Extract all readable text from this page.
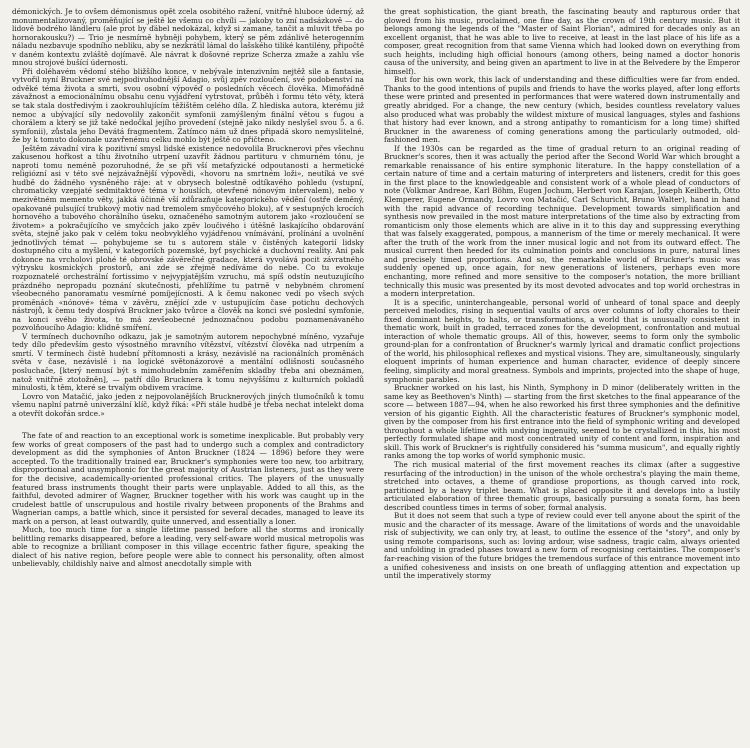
démonických. Je to ovšem démonismus opět zcela osobitého ražení, vnitřně hluboce úderný, až monumentalizovaný, proměňující se ještě ke všemu co chvíli — jakoby to zní nadsázkově — do lidově bodrého ländleru (ale prot by ďábel nedokázal, když si zamane, tančit a mluvit třeba po hornorakousku?) — Trio je nesmírně hybněji pohybem, který se pěm zdánlivě heterogenním náladu nezbavuje spodního nebliku, aby se nezkrátil lámal do lašského tiliké kantilény, připočtě v daném kontextu zvláště dojímavě. Ale návrat k ďošovné reprize Scherza zmaže a zahlu vše mnou strojové bušící údernosti.

Při doléhavém vědomí stého bližšího konce, v nebývale intenzivním nejtěž sile a fantasie, vytvořil nyní Bruckner své nejpodivuhodnější Adagio, svůj zpěv rozloučení, své podobenství na odvěké téma života a smrti, svou osobní výpověď o posledních věcech člověka. Mimořádně závažnost a emocionálnímu obsahu cenu vyjádření vytrstovat, průběh i formu této věty, která se tak stala dostředivým i zaokrouhlujícím těžištěm celého díla. Z hlediska autora, kterému již nemoc a ubývající síly nedovolily zakončit symfonii zamýšleným finální větou s fugou a chorálem a který se již také nedočkal jejího provedení (stejně jako nikdy neslyšel svou 5. a 6. symfonii), zůstala jeho Devátá fragmentem. Zatímco nám už dnes připadá skoro nemyslitelné, že by k tomuto dokonale uzavřenému celku mohlo být ještě co přičteno.

Ještěm závadní vira k pozitivní smysl lidské existence nedovolila Brucknerovi přes všechnu zakusenou hořkost a tíhu životního utrpení uzavřít žádnou partituru v chmurném tónu, je naproti tomu neméně pozoruhodné, že se při vší metafyzické odpoutanosti a hermetické religiózní asi v této své nejzávažnější výpovědi, «hovoru na smrtném loži», neutíká ve své hudbě do žádného vysněného ráje: at v obrysech bolestně odtíkavého pohledu (vstupní, chromaticky vzepjaté sedmitaktové téma v houslích, otevřené nónovým intervalem), nebo v mezivětném memento věty, jakká účinně vší zdůrazňuje kategorického vědění (ostře deměný, opakované pulsující trubkový motiv nad tremolem smyčcového bloku), ať v sestupných krocích hornového a tubového chorálního úseku, označeného samotným autorem jako «rozloučení se životem» a pokračujícího ve smyčcích jako zpěv loučivého i útěšně laskajícího obdarování světa, stejně jako pak v celém toku neobvyklého vyjádřenou vnímávání, prolínání a uvolnění jednotlivých témat — pohybujeme se tu s autorem stále v čistěných kategorií lidsky dostupného citu a myšlení, v kategoriích pozemské, byť psychické a duchovní reality. Ani pak dokonce na vrcholovi plohé té obrovské závěrečné gradace, která vyvolává pocit závratného výtrysku kosmických prostorů, ani zde se zřejmě nedívámе do nebe. Co tu evokuje rozpoznatelé orchestrální fortissimo v nejvypjatějším vzruchu, má spíš odstín neutuzujícího prázdného nepropadu poznání skutečnosti, přehlížíme tu patrně v nebybném chromení všeobecného panoramatu vesmírné pomíjejícnosti. A k čemu nakonec vedi po všech svých proměnách «nónové» téma v závěru, znějící zde v ustupujícím čase potichu dechových nástrojů, k čemu tedy dospívá Bruckner jako tvůrce a člověk na konci své poslední symfonie, na konci svého života, to má zevšeobecné jednoznačnou podobu poznamenávaného pozvolňoucího Adagio: klidně smíření.

V termínech duchovního odkazu, jak je samotným autorem nepochybné míněno, vyzařuje tedy dílo především gesto výsostného mravního vítězství, vítězství člověka nad utrpením a smrtí. V termínech čistě hudební přítomnosti a krásy, nezávislé na racionálních proměnách světa v čase, nezávislé i na logické světonázorové a mentální odlišnosti současného posluchače, [který nemusí být s mimohudebním zaměřením skladby třeba ani obeznámen, natož vnitřně ztotožněn], — patří dílo Brucknera k tomu nejvyššímu z kulturních pokladů minulosti, k těm, které se trvalým obdivem vracíme.

Lovro von Matačić, jako jeden z nejpovolanějších Brucknerových jiných tlumočníků k tomu všemu naplní patrně univerzální klíč, když říká: «Při stále hudbě je třeba nechat intelekt doma a otevřít dokořán srdce.»

The fate of and reaction to an exceptional work is sometime inexplicable. But probably very few works of great composers of the past had to undergo such a complex and contradictory development as did the symphonies of Anton Bruckner (1824 — 1896) before they were accepted. To the traditionally trained ear, Bruckner's symphonies were too new, too arbitrary, disproportional and unsymphonic for the great majority of Austrian listeners, just as they were for the decisive, academically-oriented professional critics. The players of the unusually featured brass instruments thought their parts were unplayable. Added to all this, as the faithful, devoted admirer of Wagner, Bruckner together with his work was caught up in the crudelest battle of unscrupulous and hostile rivalry between proponents of the Brahms and Wagnerian camps, a battle which, since it persisted for several decades, managed to leave its mark on a person, at least outwardly, quite unnerved, and essentially a loner.

Much, too much time for a single lifetime passed before all the storms and ironically belittling remarks disappeared, before a leading, very self-aware world musical metropolis was able to recognize a brilliant composer in this village eccentric father figure, speaking the dialect of his native region, before people were able to connect his personality, often almost unbelievably, childishly naive and almost anecdotally simple with

the great sophistication, the giant breath, the fascinating beauty and rapturous order that glowed from his music, proclaimed, one fine day, as the crown of 19th century music. But it belongs among the legends of the "Master of Saint Florian", admired for decades only as an excellent organist, that he was able to live to receive, at least in the last place of his life as a composer, great recognition from that same Vienna which had looked down on everything from such heights, including high official honours (among others, being named a doctor honoris causa of the university, and being given an apartment to live in at the Belvedere by the Emperor himself).

But for his own work, this lack of understanding and these difficulties were far from ended. Thanks to the good intentions of pupils and friends to have the works played, after long efforts these were printed and presented in performances that were watered down instrumentally and greatly abridged. For a change, the new century (which, besides countless revelatory values also produced what was probably the wildest mixture of musical languages, styles and fashions that history had ever known, and a strong antipathy to romanticism for a long time) shifted Bruckner in the awareness of coming generations among the particularly outmoded, old-fashioned men.

If the 1930s can be regarded as the time of gradual return to an original reading of Bruckner's scores, then it was actually the period after the Second World War which brought a remarkable renaissance of his entire symphonic literature. In the happy constellation of a certain nature of time and a certain maturing of interpreters and listeners, credit for this goes in the first place to the knowledgeable and consistent work of a whole plead of conductors of note (Volkmar Andreae, Karl Böhm, Eugen Jochum, Herbert von Karajan, Joseph Keilberth, Otto Klemperer, Eugene Ormandy, Lovro von Matačić, Carl Schuricht, Bruno Walter), hand in hand with the rapid advance of recording technique. Development towards simplification and synthesis now prevailed in the most mature interpretations of the time also by extracting from romanticism only those elements which are alive in it to this day and suppressing everything that was falsely exaggerated, pompous, a mannerism of the time or merely mechanical. It were after the truth of the work from the inner musical logic and not from its outward effect. The musical current then heeded for its culmination points and conclusions in pure, natural lines and precisely timed proportions. And so, the remarkable world of Bruckner's music was suddenly opened up, once again, for new generations of listeners, perhaps even more enchanting, more refined and more sensitive to the composer's notation, the more brilliant technically this music was presented by its most devoted advocates and top world orchestras in a modern interpretation.

It is a specific, uninterchangeable, personal world of unheard of tonal space and deeply perceived melodics, rising in sequential vaults of arcs over columns of lofty chorales to their fixed dominant heights, to halts, or transformations, a world that is unusually consistent in thematic work, built in graded, terraced zones for the development, confrontation and mutual interaction of whole thematic groups. All of this, however, seems to form only the symbolic ground-plan for a confrontation of Bruckner's warmly lyrical and dramatic conflict projections of the world, his philosophical reflexes and mystical visions. They are, simultaneously, singularly eloquent imprints of human experience and human character, evidence of deeply sincere feeling, simplicity and moral greatness. Symbols and imprints, projected into the shape of huge, symphonic parables.

Bruckner worked on his last, his Ninth, Symphony in D minor (deliberately written in the same key as Beethoven's Ninth) — starting from the first sketches to the final appearance of the score — between 1887—94, when he also reworked his first three symphonies and the definitive version of his gigantic Eighth. All the characteristic features of Bruckner's symphonic model, given by the composer from his first entrance into the field of symphonic writing and developed throughout a whole lifetime with undying ingenuity, seemed to be crystallized in this, his most perfectly formulated shape and most concentrated unity of content and form, inspiration and skill. This work of Bruckner's is rightfully considered his "summa musicum", and equally rightly ranks among the top works of world symphonic music.

The rich musical material of the first movement reaches its climax (after a suggestive resurfacing of the introduction) in the unison of the whole orchestra's playing the main theme, stretched into octaves, a theme of grandiose proportions, as though carved into rock, partitioned by a heavy triplet beam. What is placed opposite it and develops into a lustily articulated elaboration of three thematic groups, basically pursuing a sonata form, has been described countless times in terms of sober, formal analysis.

But it does not seem that such a type of review could ever tell anyone about the spirit of the music and the character of its message. Aware of the limitations of words and the unavoidable risk of subjectivity, we can only try, at least, to outline the essence of the "story", and only by using remote comparisons, such as: loving ardour, wise sadness, tragic calm, always oriented and unfolding in graded phases toward a new form of recognising certainties. The composer's far-reaching vision of the future bridges the tremendous surface of this entrance movement into a unified cohesiveness and insists on one breath of unflagging attention and expectation up until the imperatively stormy
